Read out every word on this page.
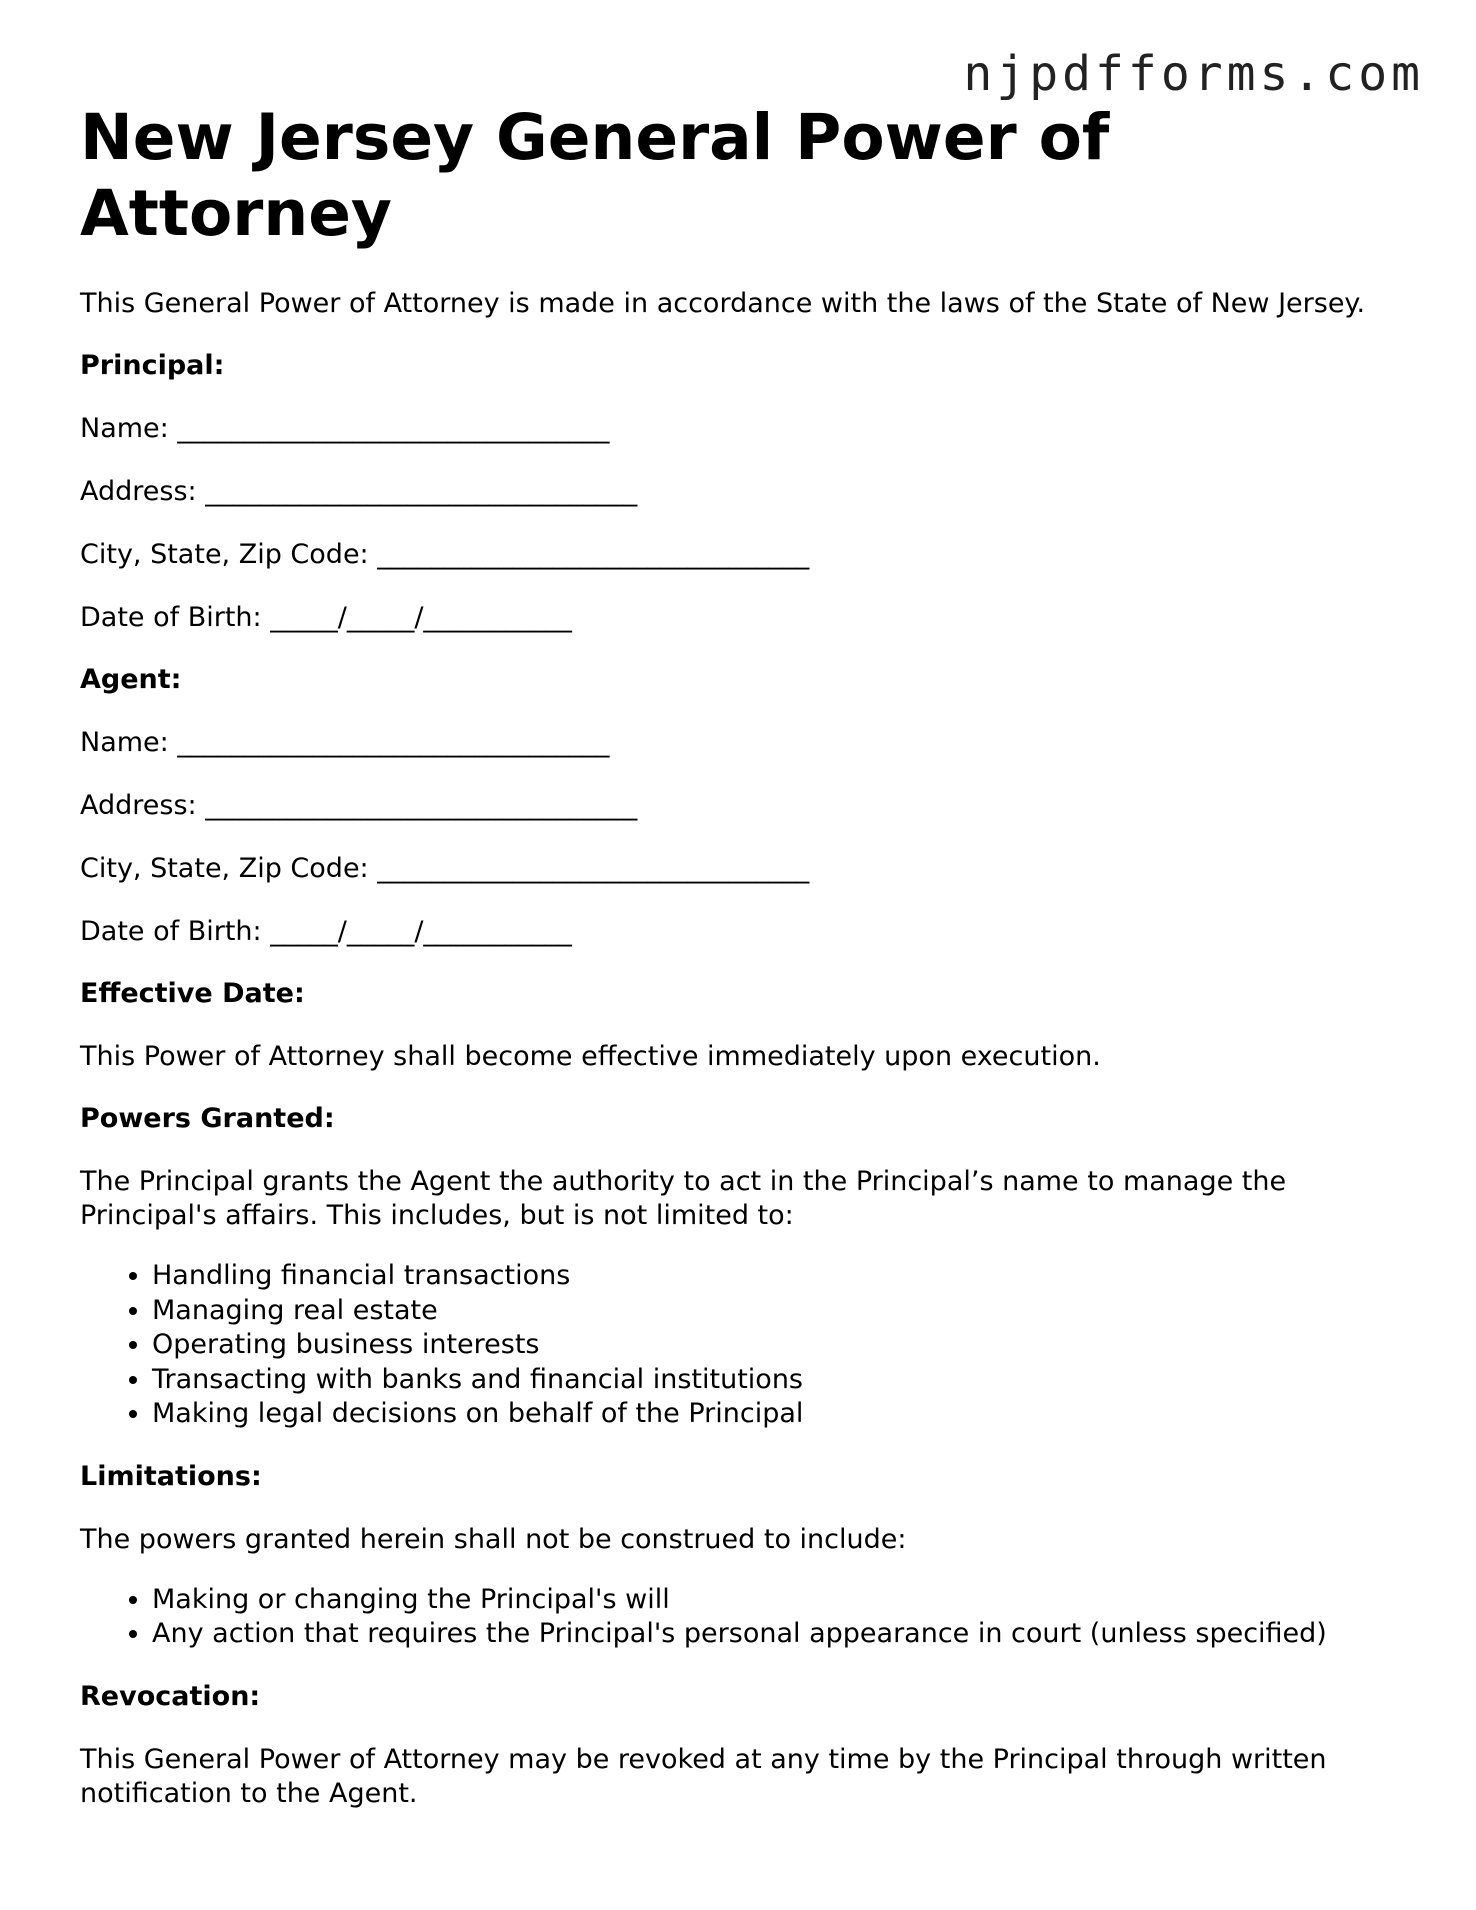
njpdfforms.com
New Jersey General Power of Attorney

This General Power of Attorney is made in accordance with the laws of the State of New Jersey.

Principal:

Name: ________________________________

Address: ________________________________

City, State, Zip Code: ________________________________

Date of Birth: _____/_____/___________

Agent:

Name: ________________________________

Address: ________________________________

City, State, Zip Code: ________________________________

Date of Birth: _____/_____/___________

Effective Date:

This Power of Attorney shall become effective immediately upon execution.

Powers Granted:

The Principal grants the Agent the authority to act in the Principal’s name to manage the Principal's affairs. This includes, but is not limited to:

• Handling financial transactions
• Managing real estate
• Operating business interests
• Transacting with banks and financial institutions
• Making legal decisions on behalf of the Principal

Limitations:

The powers granted herein shall not be construed to include:

• Making or changing the Principal's will
• Any action that requires the Principal's personal appearance in court (unless specified)

Revocation:

This General Power of Attorney may be revoked at any time by the Principal through written notification to the Agent.
